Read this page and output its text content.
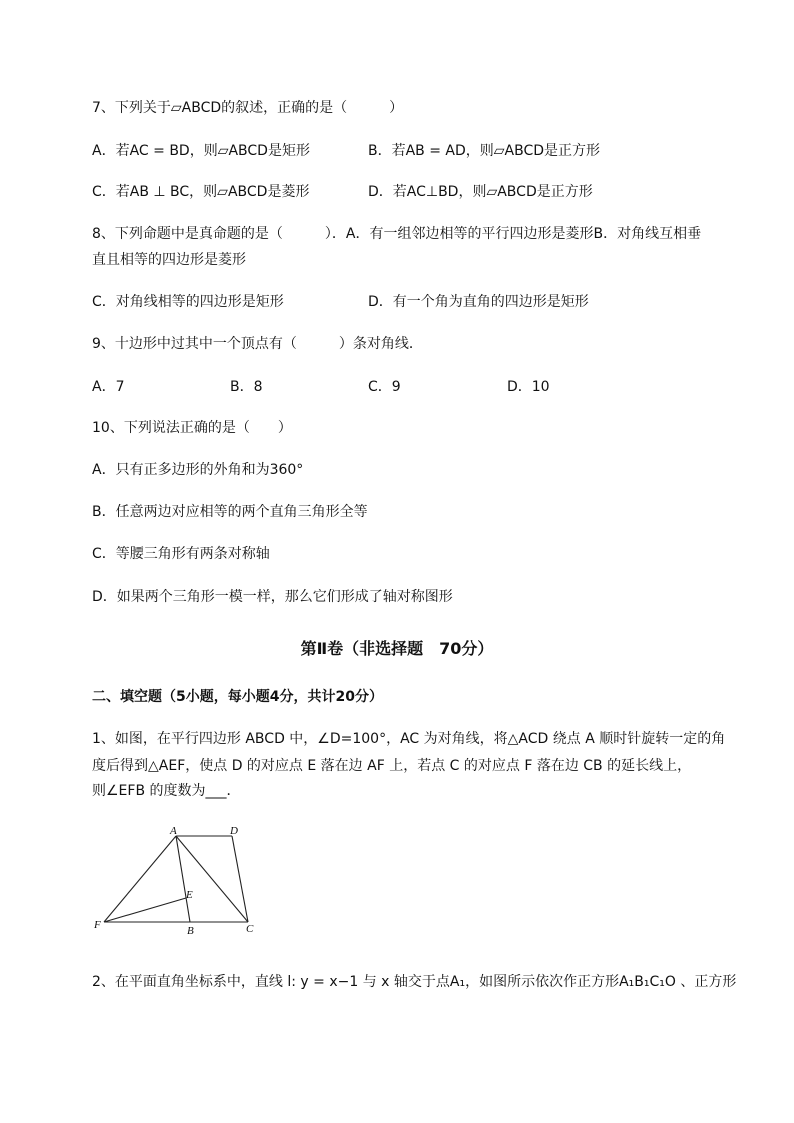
7、下列关于▱ABCD的叙述，正确的是（　　　）
A．若AC = BD，则▱ABCD是矩形	B．若AB = AD，则▱ABCD是正方形
C．若AB ⊥ BC，则▱ABCD是菱形	D．若AC⊥BD，则▱ABCD是正方形
8、下列命题中是真命题的是（　　　）．A．有一组邻边相等的平行四边形是菱形B．对角线互相垂
直且相等的四边形是菱形
C．对角线相等的四边形是矩形	D．有一个角为直角的四边形是矩形
9、十边形中过其中一个顶点有（　　　）条对角线．
A．7	B．8	C．9	D．10
10、下列说法正确的是（　　）
A．只有正多边形的外角和为360°
B．任意两边对应相等的两个直角三角形全等
C．等腰三角形有两条对称轴
D．如果两个三角形一模一样，那么它们形成了轴对称图形
第Ⅱ卷（非选择题　70分）
二、填空题（5小题，每小题4分，共计20分）
1、如图，在平行四边形 ABCD 中，∠D=100°，AC 为对角线，将△ACD 绕点 A 顺时针旋转一定的角
度后得到△AEF，使点 D 的对应点 E 落在边 AF 上，若点 C 的对应点 F 落在边 CB 的延长线上，
则∠EFB 的度数为___．
A	D
E
F	B	C
2、在平面直角坐标系中，直线 l: y = x−1 与 x 轴交于点A₁，如图所示依次作正方形A₁B₁C₁O 、正方形
